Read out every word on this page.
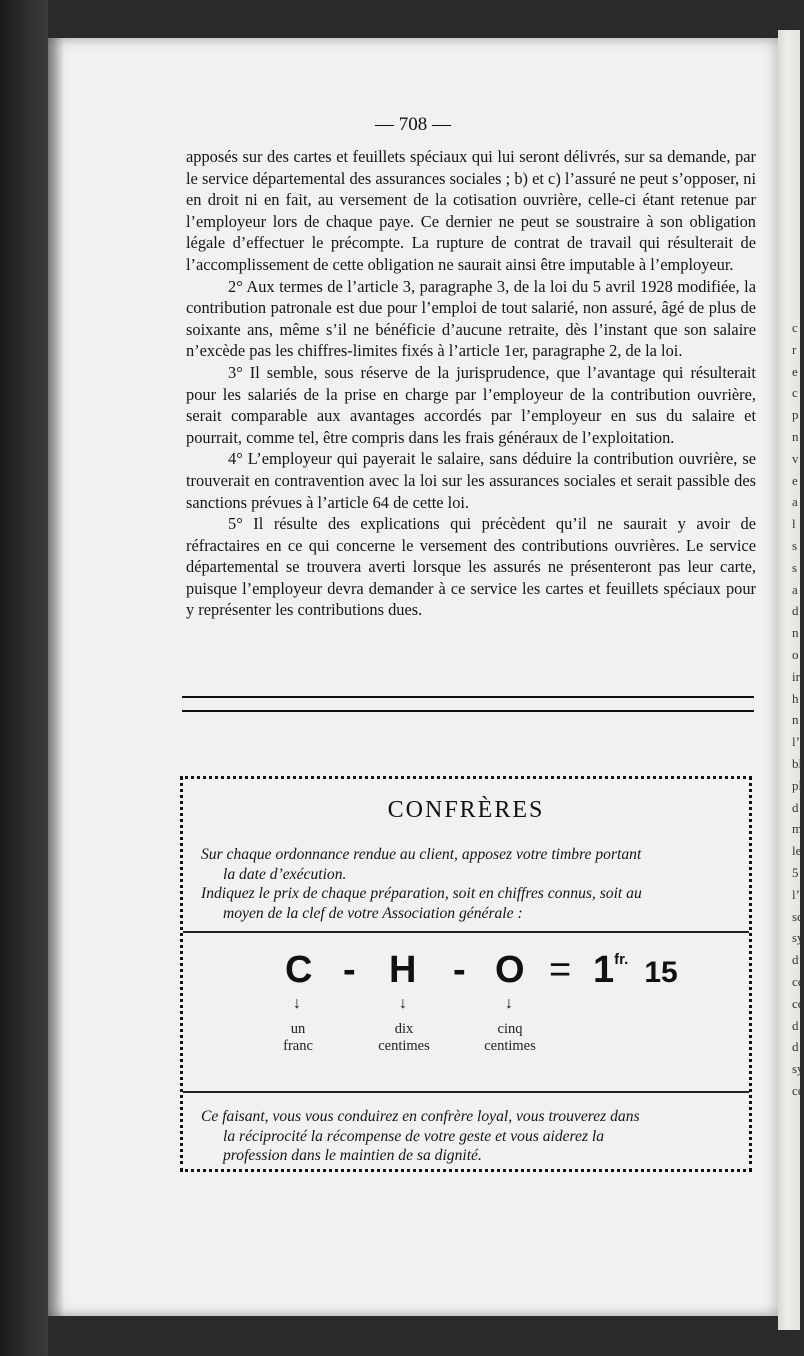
— 708 —

apposés sur des cartes et feuillets spéciaux qui lui seront délivrés, sur sa demande, par le service départemental des assurances sociales ; b) et c) l’assuré ne peut s’opposer, ni en droit ni en fait, au versement de la cotisation ouvrière, celle-ci étant retenue par l’employeur lors de chaque paye. Ce dernier ne peut se soustraire à son obligation légale d’effectuer le précompte. La rupture de contrat de travail qui résulterait de l’accomplissement de cette obligation ne saurait ainsi être imputable à l’employeur.

2° Aux termes de l’article 3, paragraphe 3, de la loi du 5 avril 1928 modifiée, la contribution patronale est due pour l’emploi de tout salarié, non assuré, âgé de plus de soixante ans, même s’il ne bénéficie d’aucune retraite, dès l’instant que son salaire n’excède pas les chiffres-limites fixés à l’article 1er, paragraphe 2, de la loi.

3° Il semble, sous réserve de la jurisprudence, que l’avantage qui résulterait pour les salariés de la prise en charge par l’employeur de la contribution ouvrière, serait comparable aux avantages accordés par l’employeur en sus du salaire et pourrait, comme tel, être compris dans les frais généraux de l’exploitation.

4° L’employeur qui payerait le salaire, sans déduire la contribution ouvrière, se trouverait en contravention avec la loi sur les assurances sociales et serait passible des sanctions prévues à l’article 64 de cette loi.

5° Il résulte des explications qui précèdent qu’il ne saurait y avoir de réfractaires en ce qui concerne le versement des contributions ouvrières. Le service départemental se trouvera averti lorsque les assurés ne présenteront pas leur carte, puisque l’employeur devra demander à ce service les cartes et feuillets spéciaux pour y représenter les contributions dues.

CONFRÈRES

Sur chaque ordonnance rendue au client, apposez votre timbre portant

la date d’exécution.

Indiquez le prix de chaque préparation, soit en chiffres connus, soit au

moyen de la clef de votre Association générale :

$C - H - O = 1^{fr.}$ 15
↓	↓	↓
un
franc
dix
centimes
cinq
centimes

Ce faisant, vous vous conduirez en confrère loyal, vous trouverez dans

la réciprocité la récompense de votre geste et vous aiderez la

profession dans le maintien de sa dignité.

c
r
e
c
p
n
v
e
a
l
s
s
a
d
n
o
ir
h
n
l’
bl
pl
d
m
le
5
l’
sc
sy
d’
cc
cc
d
d
sy
cc
